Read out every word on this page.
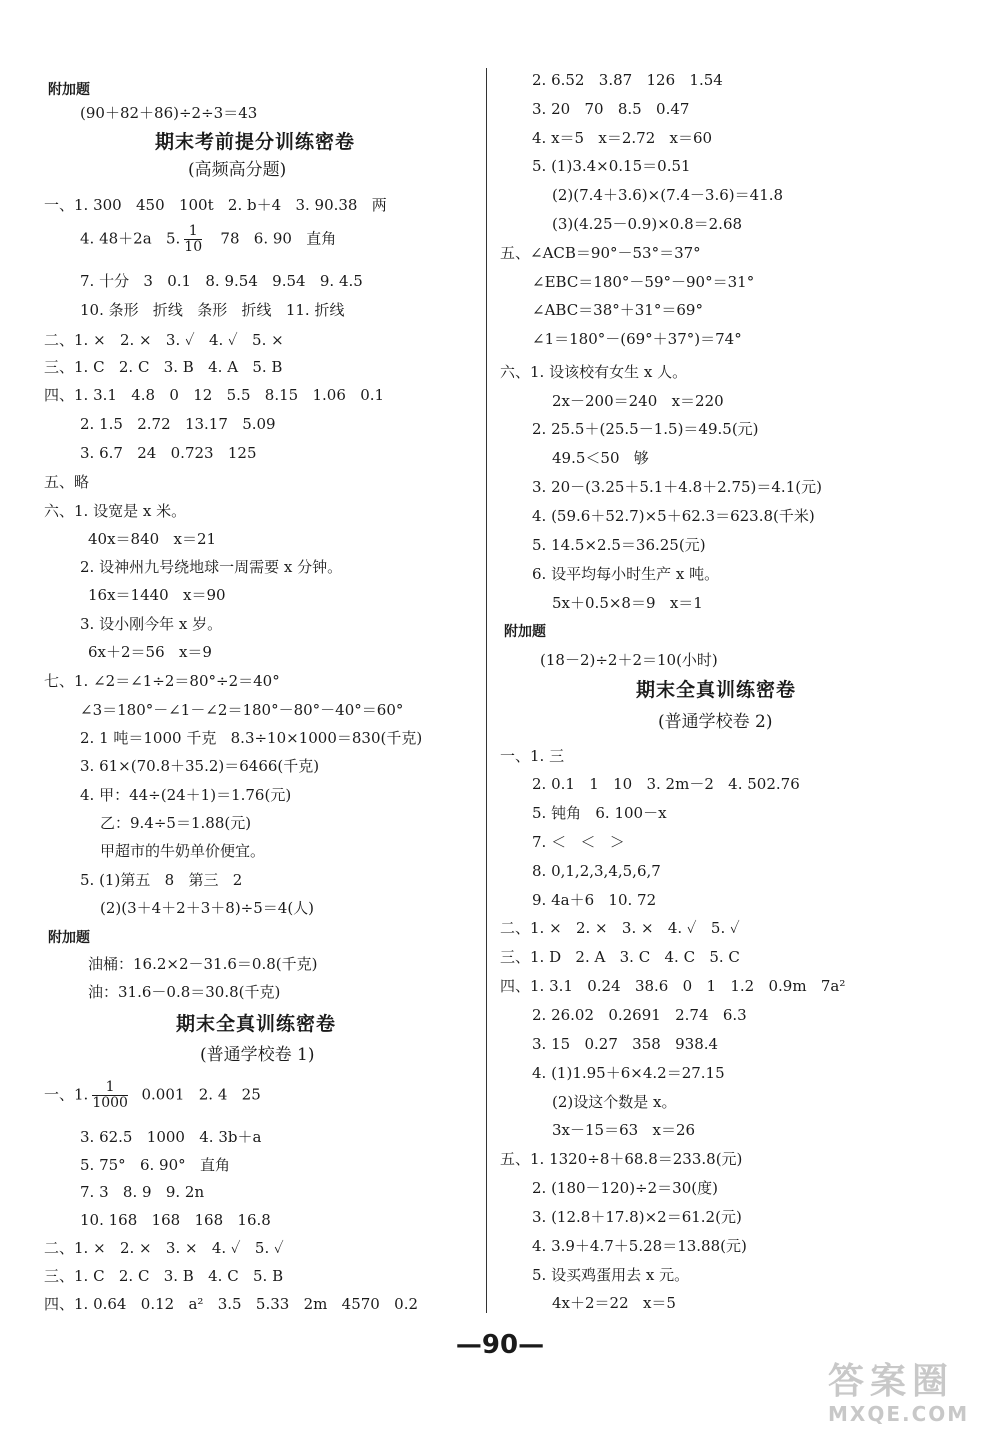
附加题
(90＋82＋86)÷2÷3＝43
期末考前提分训练密卷
(高频高分题)
一、1. 300   450   100t   2. b＋4   3. 90.38   两
4. 48＋2a   5. $\frac{1}{10} 78$   6. 90   直角
7. 十分   3   0.1   8. 9.54   9.54   9. 4.5
10. 条形   折线   条形   折线   11. 折线
二、1. ×   2. ×   3. ✓   4. ✓   5. ×
三、1. C   2. C   3. B   4. A   5. B
四、1. 3.1   4.8   0   12   5.5   8.15   1.06   0.1
2. 1.5   2.72   13.17   5.09
3. 6.7   24   0.723   125
五、略
六、1. 设宽是 x 米。
40x＝840   x＝21
2. 设神州九号绕地球一周需要 x 分钟。
16x＝1440   x＝90
3. 设小刚今年 x 岁。
6x＋2＝56   x＝9
七、1. ∠2＝∠1÷2＝80°÷2＝40°
∠3＝180°－∠1－∠2＝180°－80°－40°＝60°
2. 1 吨＝1000 千克   8.3÷10×1000＝830(千克)
3. 61×(70.8＋35.2)＝6466(千克)
4. 甲：44÷(24＋1)＝1.76(元)
乙：9.4÷5＝1.88(元)
甲超市的牛奶单价便宜。
5. (1)第五   8   第三   2
(2)(3＋4＋2＋3＋8)÷5＝4(人)
附加题
油桶：16.2×2－31.6＝0.8(千克)
油：31.6－0.8＝30.8(千克)
期末全真训练密卷
(普通学校卷 1)
一、1. $\frac{1}{1000} 0.001$   2. 4   25
3. 62.5   1000   4. 3b＋a
5. 75°   6. 90°   直角
7. 3   8. 9   9. 2n
10. 168   168   168   16.8
二、1. ×   2. ×   3. ×   4. ✓   5. ✓
三、1. C   2. C   3. B   4. C   5. B
四、1. 0.64   0.12   a²   3.5   5.33   2m   4570   0.2
2. 6.52   3.87   126   1.54
3. 20   70   8.5   0.47
4. x＝5   x＝2.72   x＝60
5. (1)3.4×0.15＝0.51
(2)(7.4＋3.6)×(7.4－3.6)＝41.8
(3)(4.25－0.9)×0.8＝2.68
五、∠ACB＝90°－53°＝37°
∠EBC＝180°－59°－90°＝31°
∠ABC＝38°＋31°＝69°
∠1＝180°－(69°＋37°)＝74°
六、1. 设该校有女生 x 人。
2x－200＝240   x＝220
2. 25.5＋(25.5－1.5)＝49.5(元)
49.5＜50   够
3. 20－(3.25＋5.1＋4.8＋2.75)＝4.1(元)
4. (59.6＋52.7)×5＋62.3＝623.8(千米)
5. 14.5×2.5＝36.25(元)
6. 设平均每小时生产 x 吨。
5x＋0.5×8＝9   x＝1
附加题
(18－2)÷2＋2＝10(小时)
期末全真训练密卷
(普通学校卷 2)
一、1. 三
2. 0.1   1   10   3. 2m－2   4. 502.76
5. 钝角   6. 100－x
7. ＜   ＜   ＞
8. 0,1,2,3,4,5,6,7
9. 4a＋6   10. 72
二、1. ×   2. ×   3. ×   4. ✓   5. ✓
三、1. D   2. A   3. C   4. C   5. C
四、1. 3.1   0.24   38.6   0   1   1.2   0.9m   7a²
2. 26.02   0.2691   2.74   6.3
3. 15   0.27   358   938.4
4. (1)1.95＋6×4.2＝27.15
(2)设这个数是 x。
3x－15＝63   x＝26
五、1. 1320÷8＋68.8＝233.8(元)
2. (180－120)÷2＝30(度)
3. (12.8＋17.8)×2＝61.2(元)
4. 3.9＋4.7＋5.28＝13.88(元)
5. 设买鸡蛋用去 x 元。
4x＋2＝22   x＝5
—90—
答案圈
MXQE.COM
